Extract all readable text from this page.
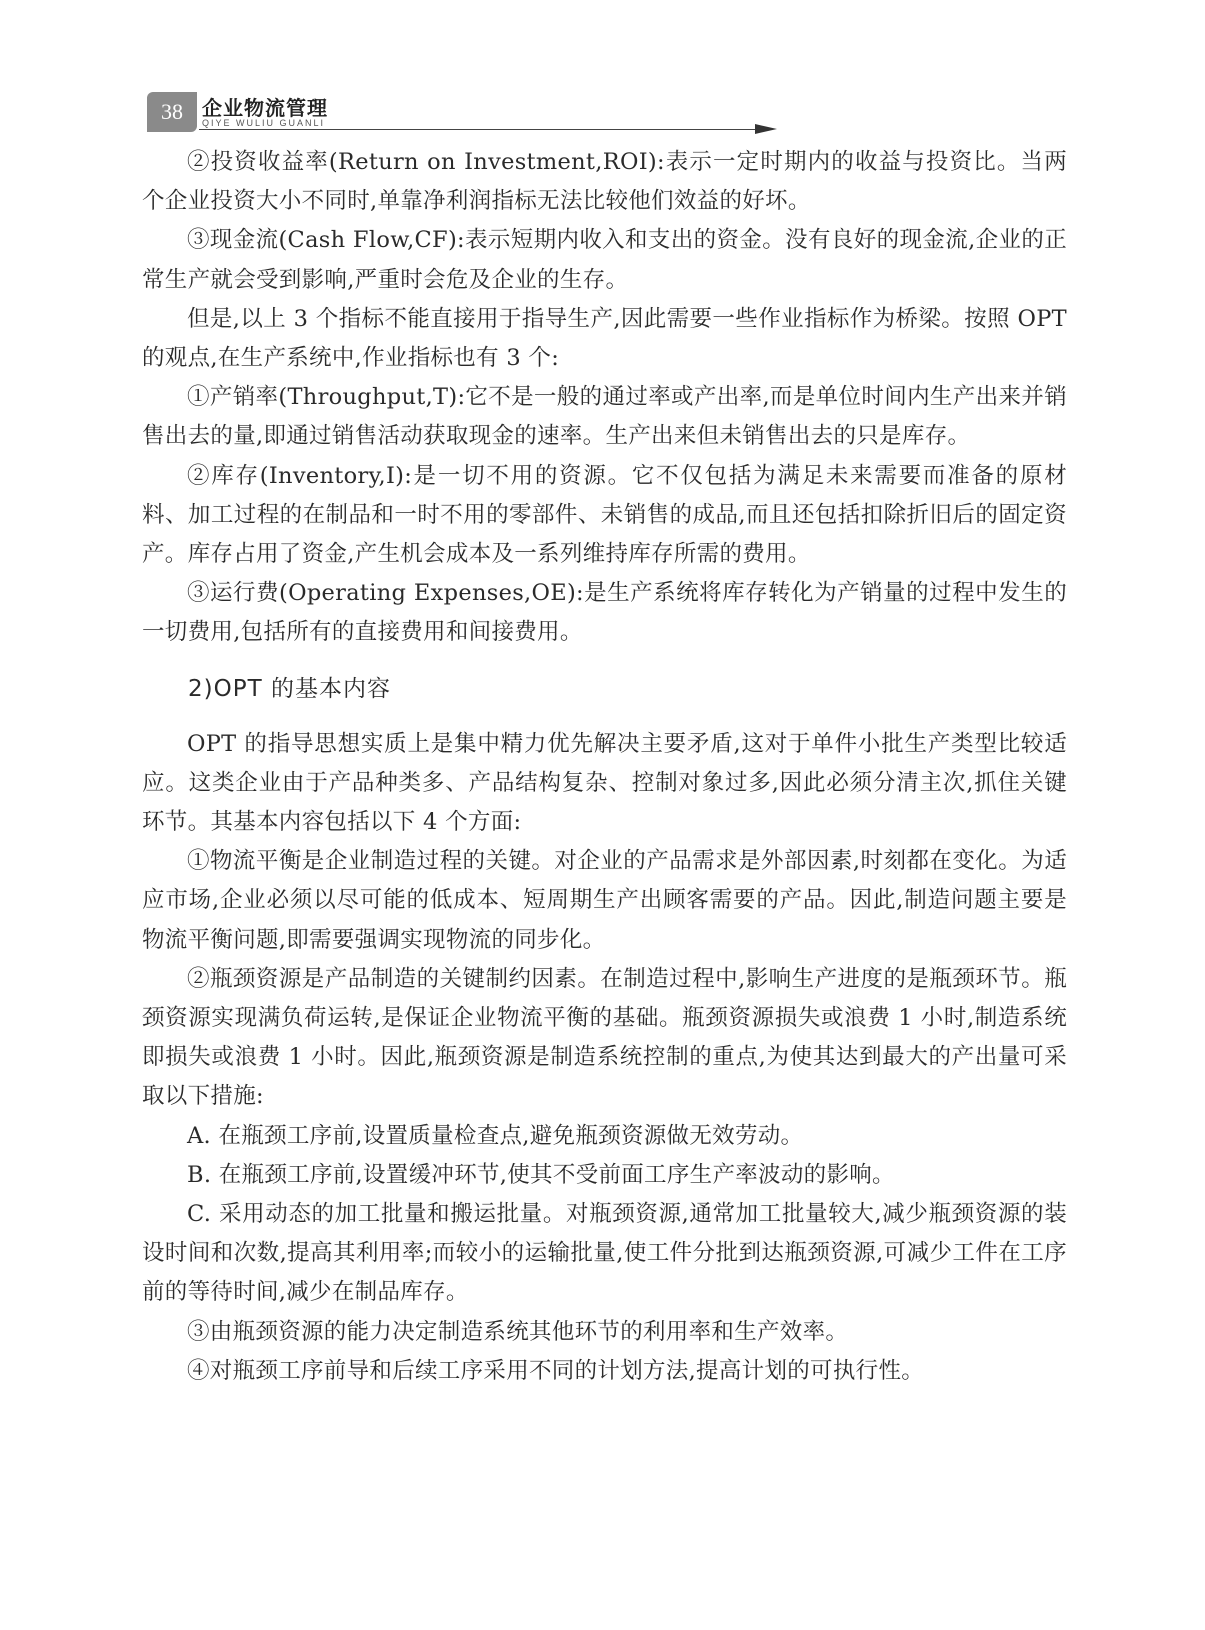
38 企业物流管理
QIYE WULIU GUANLI

②投资收益率(Return on Investment,ROI):表示一定时期内的收益与投资比。当两个企业投资大小不同时,单靠净利润指标无法比较他们效益的好坏。

③现金流(Cash Flow,CF):表示短期内收入和支出的资金。没有良好的现金流,企业的正常生产就会受到影响,严重时会危及企业的生存。

但是,以上 3 个指标不能直接用于指导生产,因此需要一些作业指标作为桥梁。按照 OPT 的观点,在生产系统中,作业指标也有 3 个:

①产销率(Throughput,T):它不是一般的通过率或产出率,而是单位时间内生产出来并销售出去的量,即通过销售活动获取现金的速率。生产出来但未销售出去的只是库存。

②库存(Inventory,I):是一切不用的资源。它不仅包括为满足未来需要而准备的原材料、加工过程的在制品和一时不用的零部件、未销售的成品,而且还包括扣除折旧后的固定资产。库存占用了资金,产生机会成本及一系列维持库存所需的费用。

③运行费(Operating Expenses,OE):是生产系统将库存转化为产销量的过程中发生的一切费用,包括所有的直接费用和间接费用。

2)OPT 的基本内容

OPT 的指导思想实质上是集中精力优先解决主要矛盾,这对于单件小批生产类型比较适应。这类企业由于产品种类多、产品结构复杂、控制对象过多,因此必须分清主次,抓住关键环节。其基本内容包括以下 4 个方面:

①物流平衡是企业制造过程的关键。对企业的产品需求是外部因素,时刻都在变化。为适应市场,企业必须以尽可能的低成本、短周期生产出顾客需要的产品。因此,制造问题主要是物流平衡问题,即需要强调实现物流的同步化。

②瓶颈资源是产品制造的关键制约因素。在制造过程中,影响生产进度的是瓶颈环节。瓶颈资源实现满负荷运转,是保证企业物流平衡的基础。瓶颈资源损失或浪费 1 小时,制造系统即损失或浪费 1 小时。因此,瓶颈资源是制造系统控制的重点,为使其达到最大的产出量可采取以下措施:

A. 在瓶颈工序前,设置质量检查点,避免瓶颈资源做无效劳动。

B. 在瓶颈工序前,设置缓冲环节,使其不受前面工序生产率波动的影响。

C. 采用动态的加工批量和搬运批量。对瓶颈资源,通常加工批量较大,减少瓶颈资源的装设时间和次数,提高其利用率;而较小的运输批量,使工件分批到达瓶颈资源,可减少工件在工序前的等待时间,减少在制品库存。

③由瓶颈资源的能力决定制造系统其他环节的利用率和生产效率。

④对瓶颈工序前导和后续工序采用不同的计划方法,提高计划的可执行性。
